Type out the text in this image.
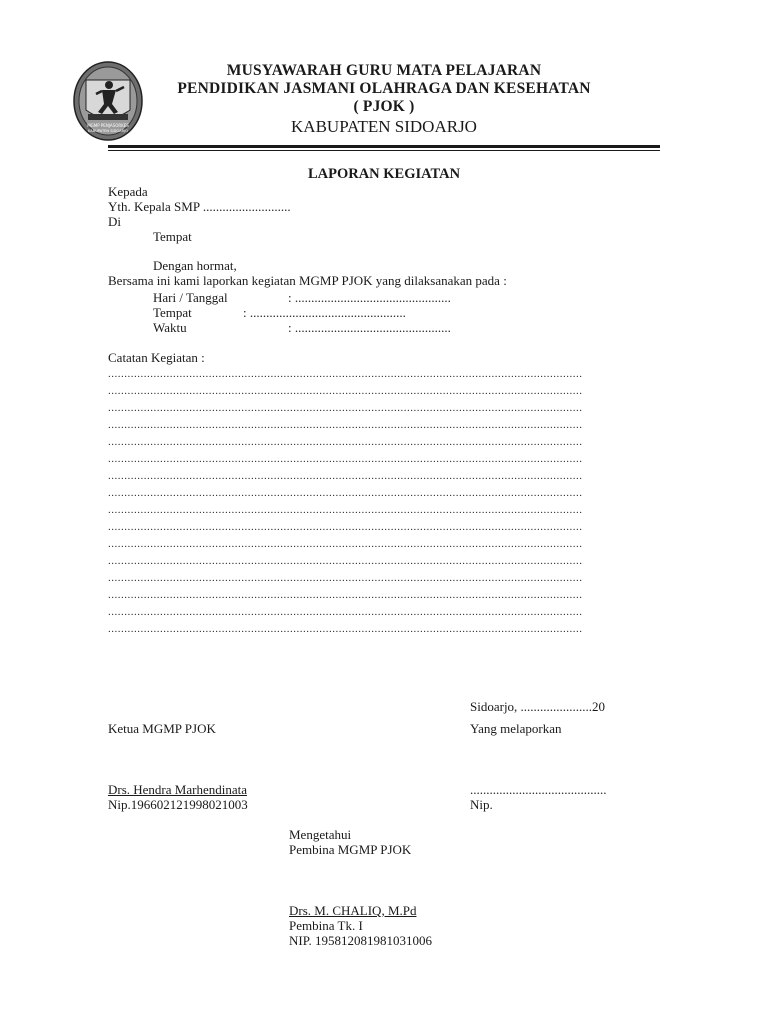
MGMP PENJASORKES
KABUPATEN SIDOARJO
MUSYAWARAH GURU MATA PELAJARAN
PENDIDIKAN JASMANI OLAHRAGA DAN KESEHATAN
( PJOK )
KABUPATEN SIDOARJO
LAPORAN KEGIATAN
Kepada
Yth. Kepala SMP ...........................
Di
Tempat
Dengan hormat,
Bersama ini kami laporkan kegiatan MGMP PJOK yang dilaksanakan pada :
Hari / Tanggal	: ................................................
Tempat	: ................................................
Waktu	: ................................................
Catatan Kegiatan :
..................................................................................................................................................
..................................................................................................................................................
..................................................................................................................................................
..................................................................................................................................................
..................................................................................................................................................
..................................................................................................................................................
..................................................................................................................................................
..................................................................................................................................................
..................................................................................................................................................
..................................................................................................................................................
..................................................................................................................................................
..................................................................................................................................................
..................................................................................................................................................
..................................................................................................................................................
..................................................................................................................................................
..................................................................................................................................................
Sidoarjo, ......................20
Ketua MGMP PJOK	Yang melaporkan
Drs. Hendra Marhendinata	..........................................
Nip.196602121998021003	Nip.
Mengetahui
Pembina MGMP PJOK
Drs. M. CHALIQ, M.Pd
Pembina Tk. I
NIP. 195812081981031006
